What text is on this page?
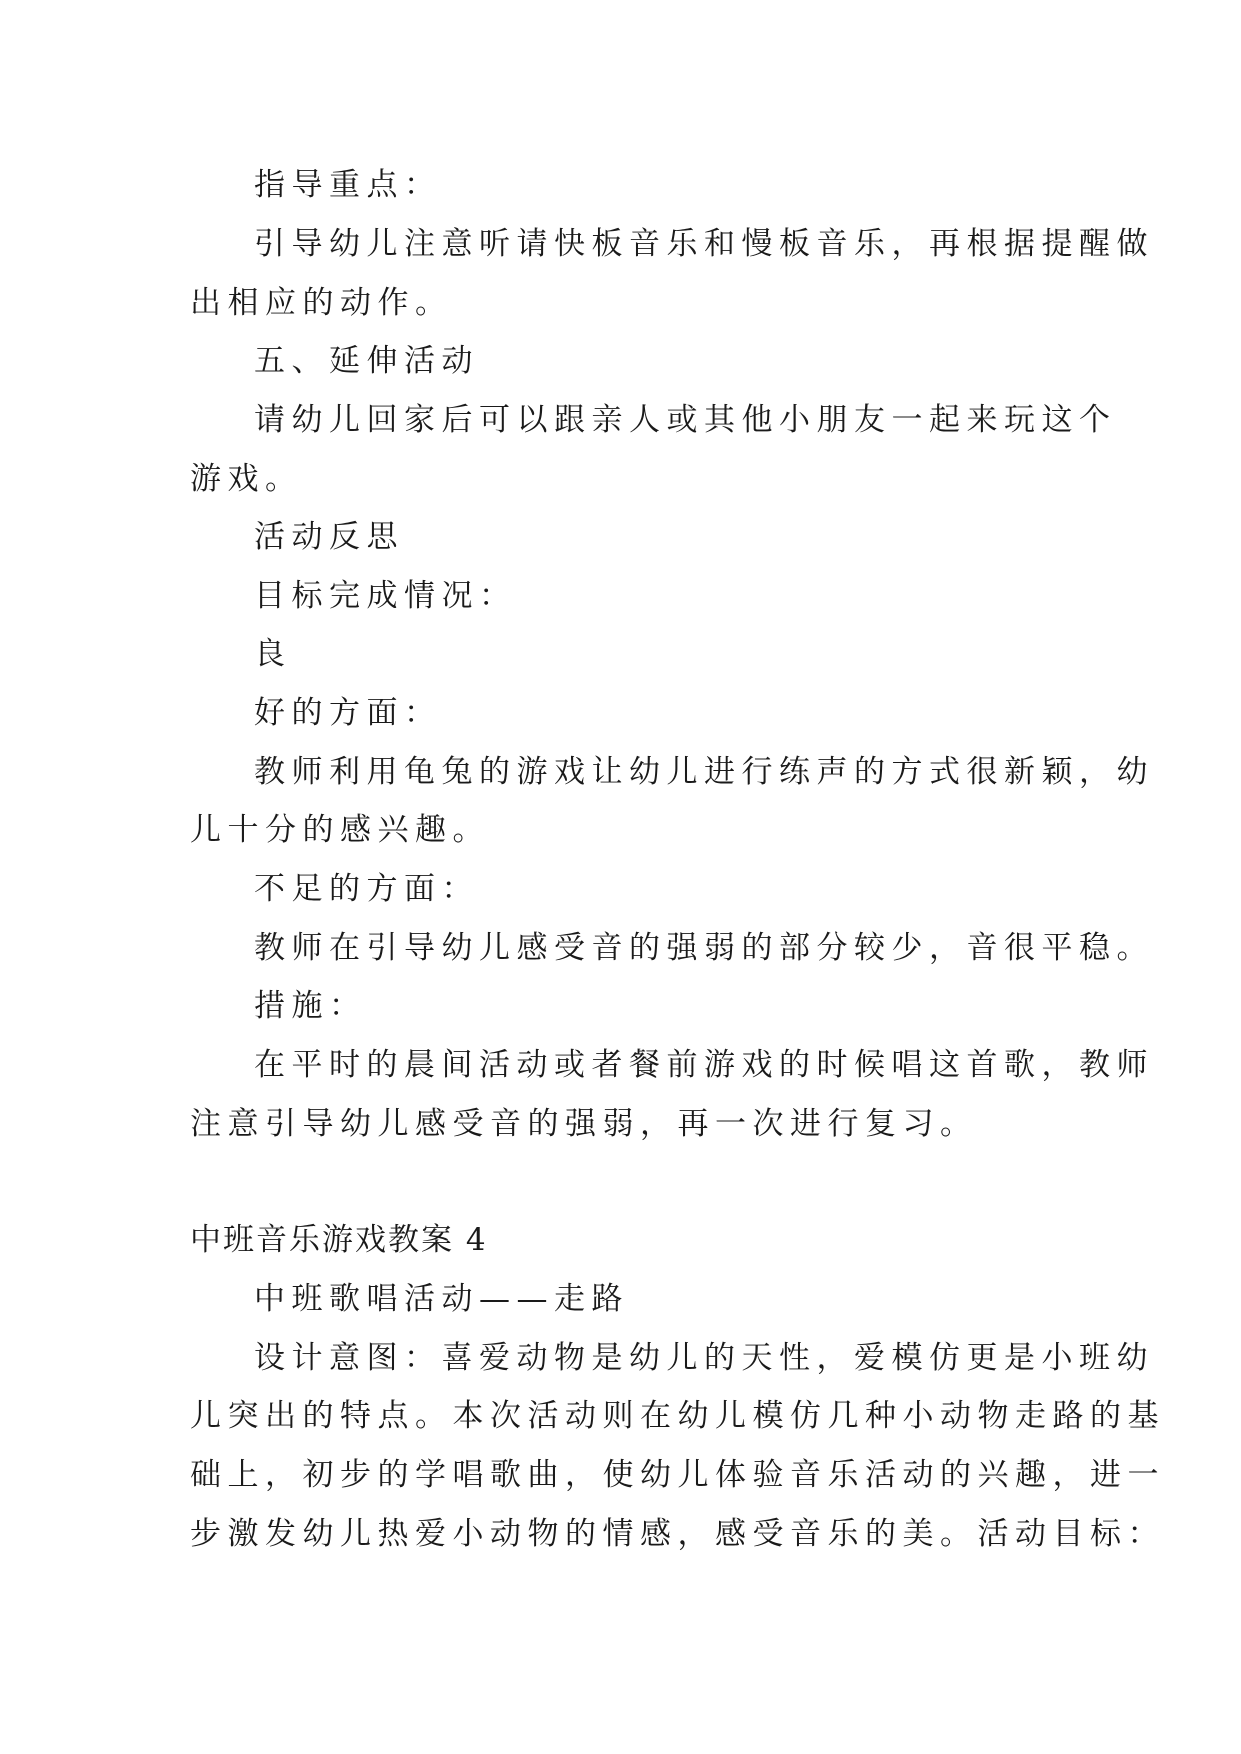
指导重点：
引导幼儿注意听请快板音乐和慢板音乐，再根据提醒做
出相应的动作。
五、延伸活动
请幼儿回家后可以跟亲人或其他小朋友一起来玩这个
游戏。
活动反思
目标完成情况：
良
好的方面：
教师利用龟兔的游戏让幼儿进行练声的方式很新颖，幼
儿十分的感兴趣。
不足的方面：
教师在引导幼儿感受音的强弱的部分较少，音很平稳。
措施：
在平时的晨间活动或者餐前游戏的时候唱这首歌，教师
注意引导幼儿感受音的强弱，再一次进行复习。
中班音乐游戏教案 4
中班歌唱活动——走路
设计意图：喜爱动物是幼儿的天性，爱模仿更是小班幼
儿突出的特点。本次活动则在幼儿模仿几种小动物走路的基
础上，初步的学唱歌曲，使幼儿体验音乐活动的兴趣，进一
步激发幼儿热爱小动物的情感，感受音乐的美。活动目标：
